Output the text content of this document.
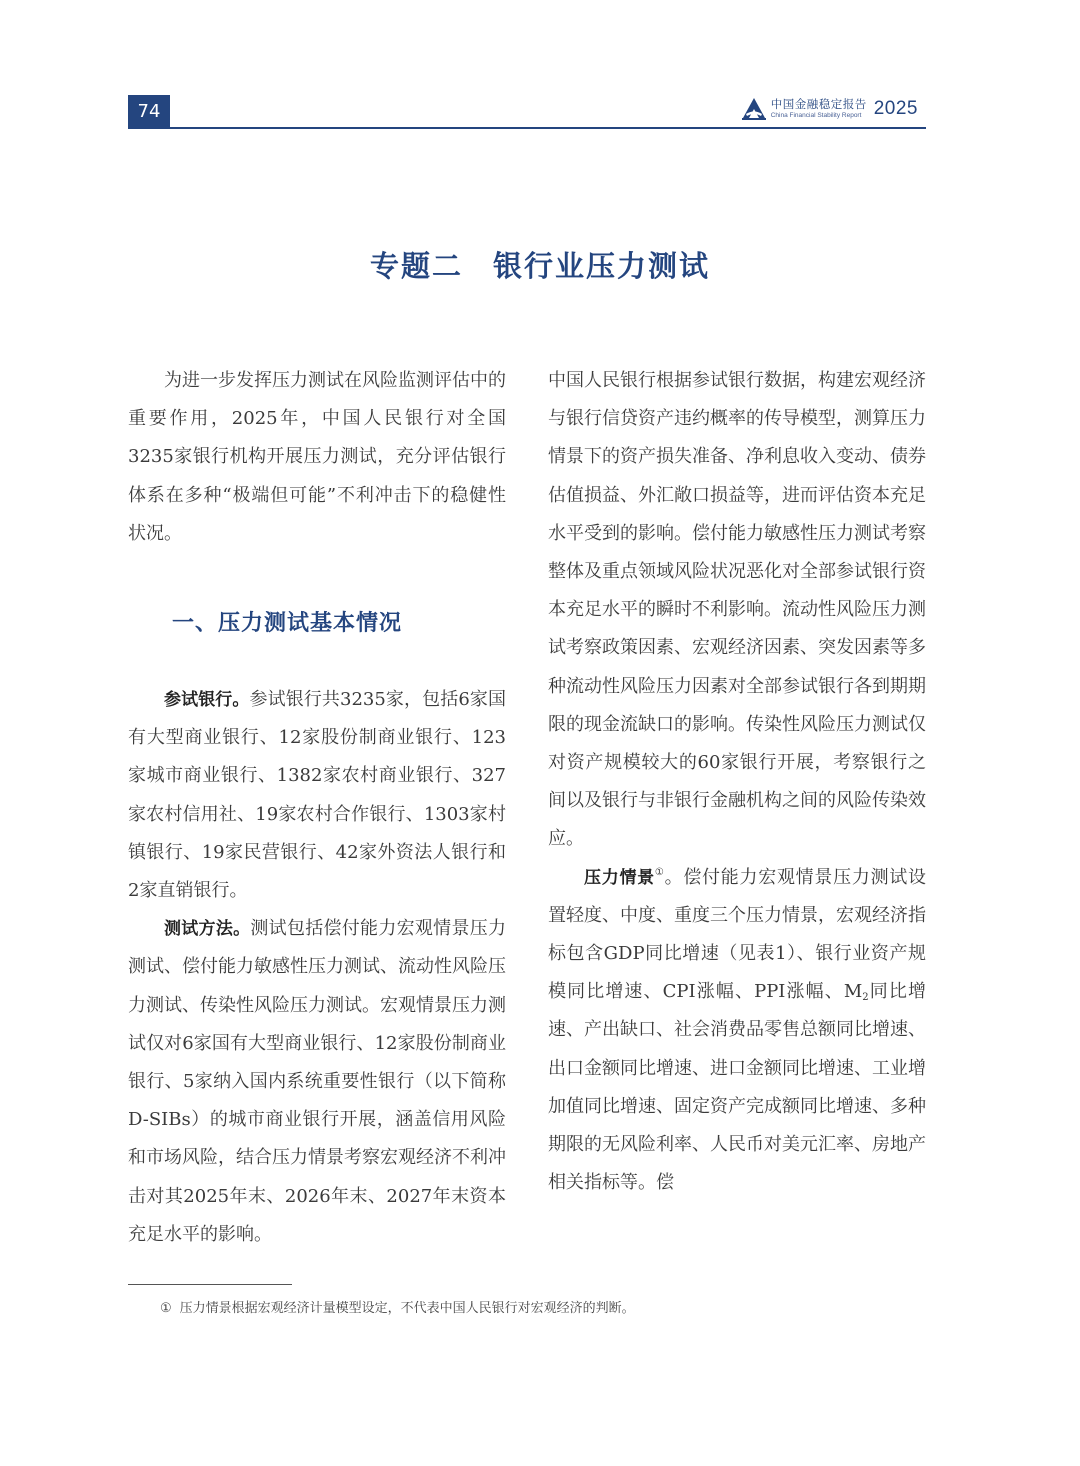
74	中国金融稳定报告
China Financial Stability Report 2025
专题二 银行业压力测试

为进一步发挥压力测试在风险监测评估中的重要作用，2025年，中国人民银行对全国3235家银行机构开展压力测试，充分评估银行体系在多种“极端但可能”不利冲击下的稳健性状况。

一、压力测试基本情况

参试银行。参试银行共3235家，包括6家国有大型商业银行、12家股份制商业银行、123家城市商业银行、1382家农村商业银行、327家农村信用社、19家农村合作银行、1303家村镇银行、19家民营银行、42家外资法人银行和2家直销银行。

测试方法。测试包括偿付能力宏观情景压力测试、偿付能力敏感性压力测试、流动性风险压力测试、传染性风险压力测试。宏观情景压力测试仅对6家国有大型商业银行、12家股份制商业银行、5家纳入国内系统重要性银行（以下简称D-SIBs）的城市商业银行开展，涵盖信用风险和市场风险，结合压力情景考察宏观经济不利冲击对其2025年末、2026年末、2027年末资本充足水平的影响。

中国人民银行根据参试银行数据，构建宏观经济与银行信贷资产违约概率的传导模型，测算压力情景下的资产损失准备、净利息收入变动、债券估值损益、外汇敞口损益等，进而评估资本充足水平受到的影响。偿付能力敏感性压力测试考察整体及重点领域风险状况恶化对全部参试银行资本充足水平的瞬时不利影响。流动性风险压力测试考察政策因素、宏观经济因素、突发因素等多种流动性风险压力因素对全部参试银行各到期期限的现金流缺口的影响。传染性风险压力测试仅对资产规模较大的60家银行开展，考察银行之间以及银行与非银行金融机构之间的风险传染效应。

压力情景①。偿付能力宏观情景压力测试设置轻度、中度、重度三个压力情景，宏观经济指标包含GDP同比增速（见表1）、银行业资产规模同比增速、CPI涨幅、PPI涨幅、$M_2$同比增速、产出缺口、社会消费品零售总额同比增速、出口金额同比增速、进口金额同比增速、工业增加值同比增速、固定资产完成额同比增速、多种期限的无风险利率、人民币对美元汇率、房地产相关指标等。偿

① 压力情景根据宏观经济计量模型设定，不代表中国人民银行对宏观经济的判断。
